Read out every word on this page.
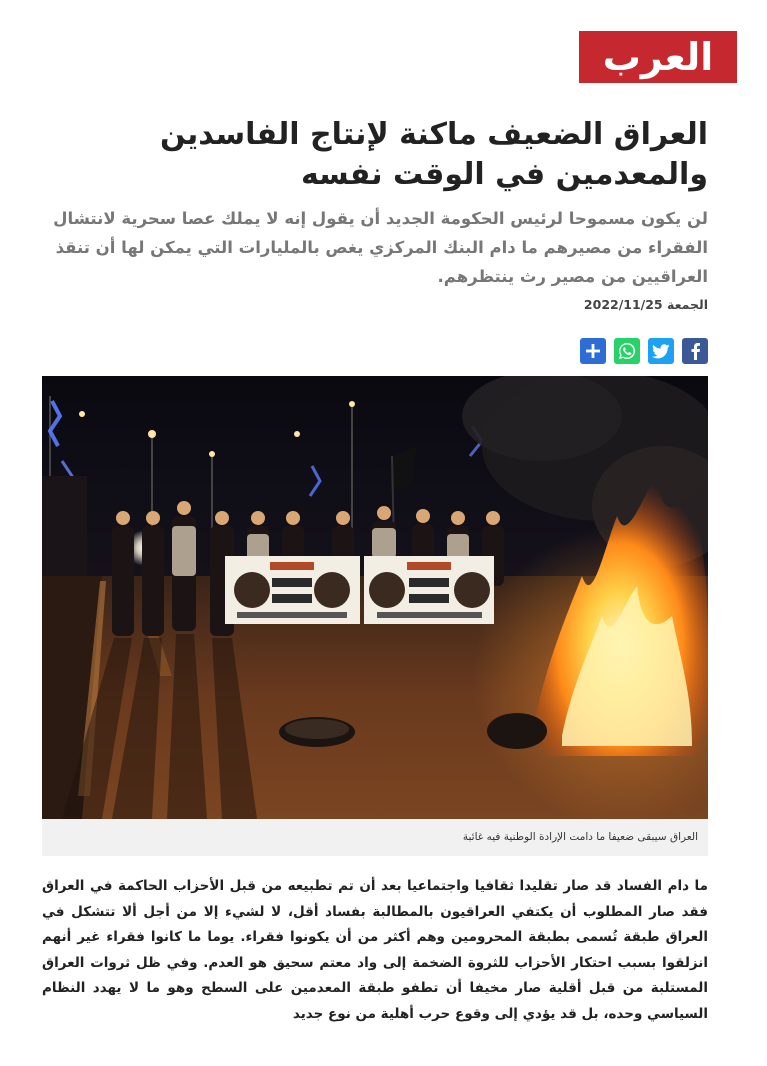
العرب
العراق الضعيف ماكنة لإنتاج الفاسدين والمعدمين في الوقت نفسه

لن يكون مسموحا لرئيس الحكومة الجديد أن يقول إنه لا يملك عصا سحرية لانتشال الفقراء من مصيرهم ما دام البنك المركزي يغص بالمليارات التي يمكن لها أن تنقذ العراقيين من مصير رث ينتظرهم.

الجمعة 2022/11/25
العراق سيبقى ضعيفا ما دامت الإرادة الوطنية فيه غائبة

ما دام الفساد قد صار تقليدا ثقافيا واجتماعيا بعد أن تم تطبيعه من قبل الأحزاب الحاكمة في العراق فقد صار المطلوب أن يكتفي العراقيون بالمطالبة بفساد أقل، لا لشيء إلا من أجل ألا تتشكل في العراق طبقة تُسمى بطبقة المحرومين وهم أكثر من أن يكونوا فقراء. يوما ما كانوا فقراء غير أنهم انزلقوا بسبب احتكار الأحزاب للثروة الضخمة إلى واد معتم سحيق هو العدم. وفي ظل ثروات العراق المستلبة من قبل أقلية صار مخيفا أن تطفو طبقة المعدمين على السطح وهو ما لا يهدد النظام السياسي وحده، بل قد يؤدي إلى وقوع حرب أهلية من نوع جديد
